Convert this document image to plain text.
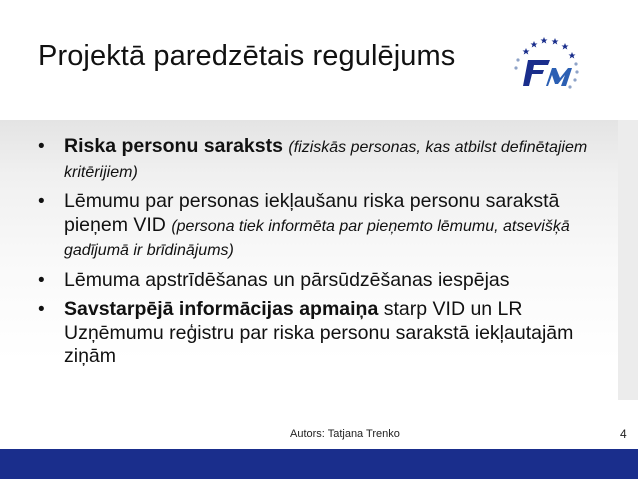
Projektā paredzētais regulējums
• Riska personu saraksts (fiziskās personas, kas atbilst definētajiem kritērijiem)
• Lēmumu par personas iekļaušanu riska personu sarakstā pieņem VID (persona tiek informēta par pieņemto lēmumu, atsevišķā gadījumā ir brīdinājums)
• Lēmuma apstrīdēšanas un pārsūdzēšanas iespējas
• Savstarpējā informācijas apmaiņa starp VID un LR Uzņēmumu reģistru par riska personu sarakstā iekļautajām ziņām
Autors: Tatjana Trenko	4
